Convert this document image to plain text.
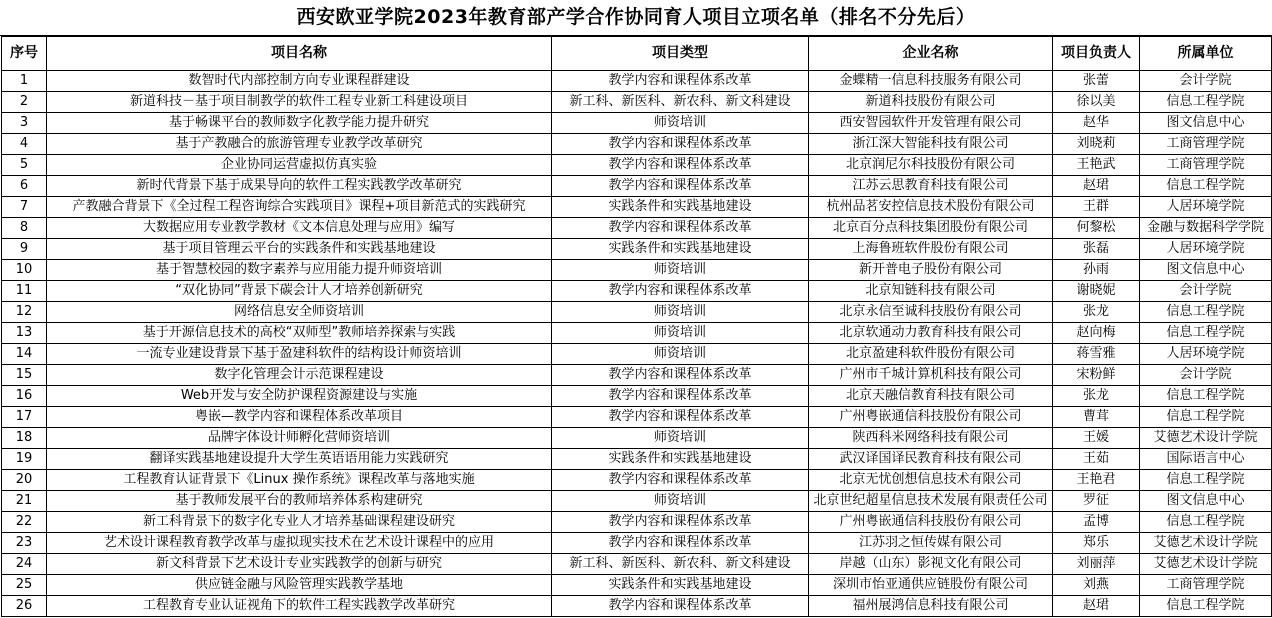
西安欧亚学院2023年教育部产学合作协同育人项目立项名单（排名不分先后）
序号	项目名称	项目类型	企业名称	项目负责人	所属单位
1	数智时代内部控制方向专业课程群建设	教学内容和课程体系改革	金蝶精一信息科技服务有限公司	张蕾	会计学院
2	新道科技－基于项目制教学的软件工程专业新工科建设项目	新工科、新医科、新农科、新文科建设	新道科技股份有限公司	徐以美	信息工程学院
3	基于畅课平台的教师数字化教学能力提升研究	师资培训	西安智园软件开发管理有限公司	赵华	图文信息中心
4	基于产教融合的旅游管理专业教学改革研究	教学内容和课程体系改革	浙江深大智能科技有限公司	刘晓莉	工商管理学院
5	企业协同运营虚拟仿真实验	教学内容和课程体系改革	北京润尼尔科技股份有限公司	王艳武	工商管理学院
6	新时代背景下基于成果导向的软件工程实践教学改革研究	教学内容和课程体系改革	江苏云思教育科技有限公司	赵珺	信息工程学院
7	产教融合背景下《全过程工程咨询综合实践项目》课程+项目新范式的实践研究	实践条件和实践基地建设	杭州品茗安控信息技术股份有限公司	王群	人居环境学院
8	大数据应用专业教学教材《文本信息处理与应用》编写	教学内容和课程体系改革	北京百分点科技集团股份有限公司	何黎松	金融与数据科学学院
9	基于项目管理云平台的实践条件和实践基地建设	实践条件和实践基地建设	上海鲁班软件股份有限公司	张磊	人居环境学院
10	基于智慧校园的数字素养与应用能力提升师资培训	师资培训	新开普电子股份有限公司	孙雨	图文信息中心
11	“双化协同”背景下碳会计人才培养创新研究	教学内容和课程体系改革	北京知链科技有限公司	谢晓妮	会计学院
12	网络信息安全师资培训	师资培训	北京永信至诚科技股份有限公司	张龙	信息工程学院
13	基于开源信息技术的高校“双师型”教师培养探索与实践	师资培训	北京软通动力教育科技有限公司	赵向梅	信息工程学院
14	一流专业建设背景下基于盈建科软件的结构设计师资培训	师资培训	北京盈建科软件股份有限公司	蒋雪雅	人居环境学院
15	数字化管理会计示范课程建设	教学内容和课程体系改革	广州市千城计算机科技有限公司	宋粉鲜	会计学院
16	Web开发与安全防护课程资源建设与实施	教学内容和课程体系改革	北京天融信教育科技有限公司	张龙	信息工程学院
17	粤嵌—教学内容和课程体系改革项目	教学内容和课程体系改革	广州粤嵌通信科技股份有限公司	曹茸	信息工程学院
18	品牌字体设计师孵化营师资培训	师资培训	陕西科米网络科技有限公司	王媛	艾德艺术设计学院
19	翻译实践基地建设提升大学生英语语用能力实践研究	实践条件和实践基地建设	武汉译国译民教育科技有限公司	王茹	国际语言中心
20	工程教育认证背景下《Linux 操作系统》课程改革与落地实施	教学内容和课程体系改革	北京无忧创想信息技术有限公司	王艳君	信息工程学院
21	基于教师发展平台的教师培养体系构建研究	师资培训	北京世纪超星信息技术发展有限责任公司	罗征	图文信息中心
22	新工科背景下的数字化专业人才培养基础课程建设研究	教学内容和课程体系改革	广州粤嵌通信科技股份有限公司	孟博	信息工程学院
23	艺术设计课程教育教学改革与虚拟现实技术在艺术设计课程中的应用	教学内容和课程体系改革	江苏羽之恒传媒有限公司	郑乐	艾德艺术设计学院
24	新文科背景下艺术设计专业实践教学的创新与研究	新工科、新医科、新农科、新文科建设	岸越（山东）影视文化有限公司	刘丽萍	艾德艺术设计学院
25	供应链金融与风险管理实践教学基地	实践条件和实践基地建设	深圳市怡亚通供应链股份有限公司	刘燕	工商管理学院
26	工程教育专业认证视角下的软件工程实践教学改革研究	教学内容和课程体系改革	福州展鸿信息科技有限公司	赵珺	信息工程学院
